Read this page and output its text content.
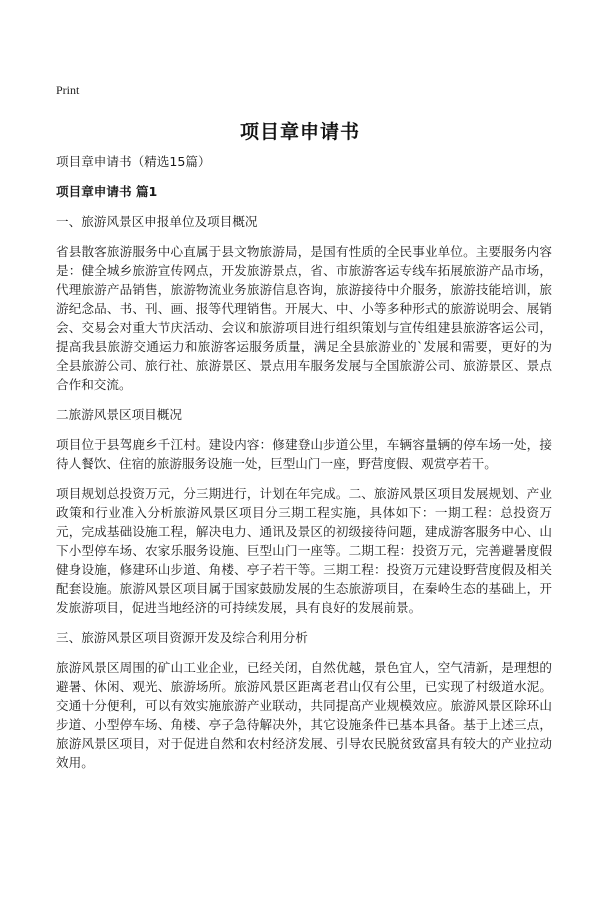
Print
项目章申请书

项目章申请书（精选15篇）

项目章申请书 篇1

一、旅游风景区申报单位及项目概况

省县散客旅游服务中心直属于县文物旅游局，是国有性质的全民事业单位。主要服务内容是：健全城乡旅游宣传网点，开发旅游景点，省、市旅游客运专线车拓展旅游产品市场，代理旅游产品销售，旅游物流业务旅游信息咨询，旅游接待中介服务，旅游技能培训，旅游纪念品、书、刊、画、报等代理销售。开展大、中、小等多种形式的旅游说明会、展销会、交易会对重大节庆活动、会议和旅游项目进行组织策划与宣传组建县旅游客运公司，提高我县旅游交通运力和旅游客运服务质量，满足全县旅游业的`发展和需要，更好的为全县旅游公司、旅行社、旅游景区、景点用车服务发展与全国旅游公司、旅游景区、景点合作和交流。

二旅游风景区项目概况

项目位于县驾鹿乡千江村。建设内容：修建登山步道公里，车辆容量辆的停车场一处，接待人餐饮、住宿的旅游服务设施一处，巨型山门一座，野营度假、观赏亭若干。

项目规划总投资万元，分三期进行，计划在年完成。二、旅游风景区项目发展规划、产业政策和行业准入分析旅游风景区项目分三期工程实施，具体如下：一期工程：总投资万元，完成基础设施工程，解决电力、通讯及景区的初级接待问题，建成游客服务中心、山下小型停车场、农家乐服务设施、巨型山门一座等。二期工程：投资万元，完善避暑度假健身设施，修建环山步道、角楼、亭子若干等。三期工程：投资万元建设野营度假及相关配套设施。旅游风景区项目属于国家鼓励发展的生态旅游项目，在秦岭生态的基础上，开发旅游项目，促进当地经济的可持续发展，具有良好的发展前景。

三、旅游风景区项目资源开发及综合利用分析

旅游风景区周围的矿山工业企业，已经关闭，自然优越，景色宜人，空气清新，是理想的避暑、休闲、观光、旅游场所。旅游风景区距离老君山仅有公里，已实现了村级道水泥。交通十分便利，可以有效实施旅游产业联动，共同提高产业规模效应。旅游风景区除环山步道、小型停车场、角楼、亭子急待解决外，其它设施条件已基本具备。基于上述三点，旅游风景区项目，对于促进自然和农村经济发展、引导农民脱贫致富具有较大的产业拉动效用。
